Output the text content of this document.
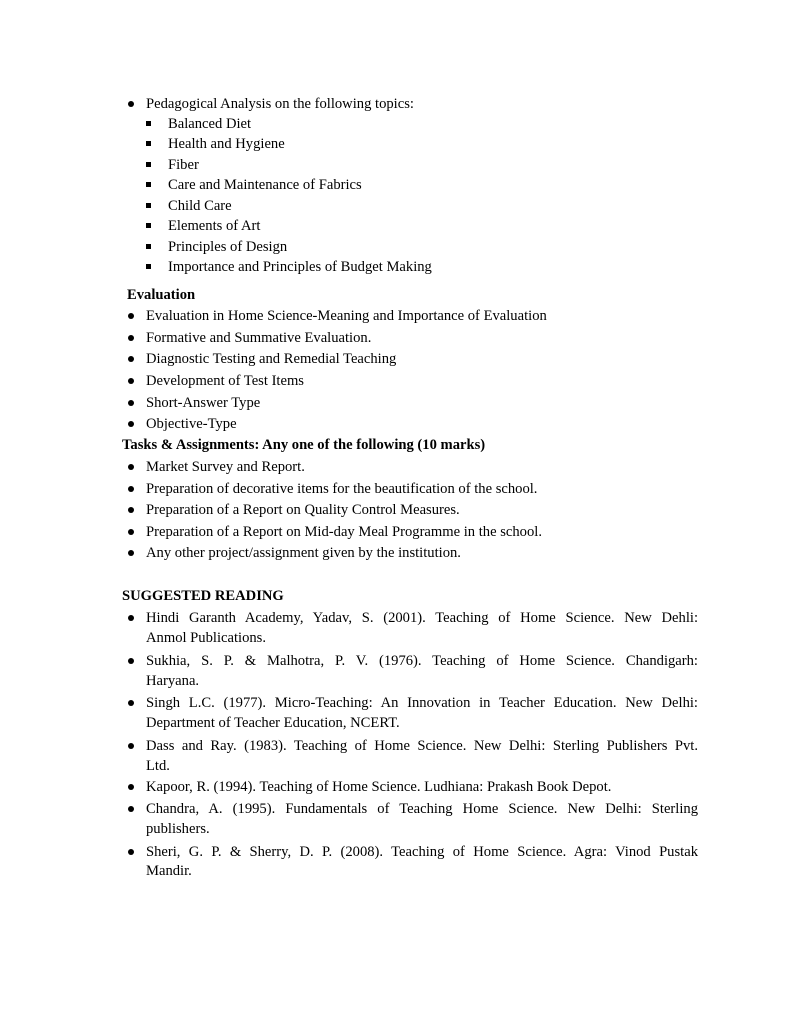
Pedagogical Analysis on the following topics:
Balanced Diet
Health and Hygiene
Fiber
Care and Maintenance of Fabrics
Child Care
Elements of Art
Principles of Design
Importance and Principles of Budget Making
Evaluation
Evaluation in Home Science-Meaning and Importance of Evaluation
Formative and Summative Evaluation.
Diagnostic Testing and Remedial Teaching
Development of Test Items
Short-Answer Type
Objective-Type
Tasks & Assignments: Any one of the following (10 marks)
Market Survey and Report.
Preparation of decorative items for the beautification of the school.
Preparation of a Report on Quality Control Measures.
Preparation of a Report on Mid-day Meal Programme in the school.
Any other project/assignment given by the institution.
SUGGESTED READING
Hindi Garanth Academy, Yadav, S. (2001). Teaching of Home Science. New Dehli:
Anmol Publications.
Sukhia, S. P. & Malhotra, P. V. (1976). Teaching of Home Science. Chandigarh:
Haryana.
Singh L.C. (1977). Micro-Teaching: An Innovation in Teacher Education. New Delhi:
Department of Teacher Education, NCERT.
Dass and Ray. (1983). Teaching of Home Science. New Delhi: Sterling Publishers Pvt.
Ltd.
Kapoor, R. (1994). Teaching of Home Science. Ludhiana: Prakash Book Depot.
Chandra, A. (1995). Fundamentals of Teaching Home Science. New Delhi: Sterling
publishers.
Sheri, G. P. & Sherry, D. P. (2008). Teaching of Home Science. Agra: Vinod Pustak
Mandir.
